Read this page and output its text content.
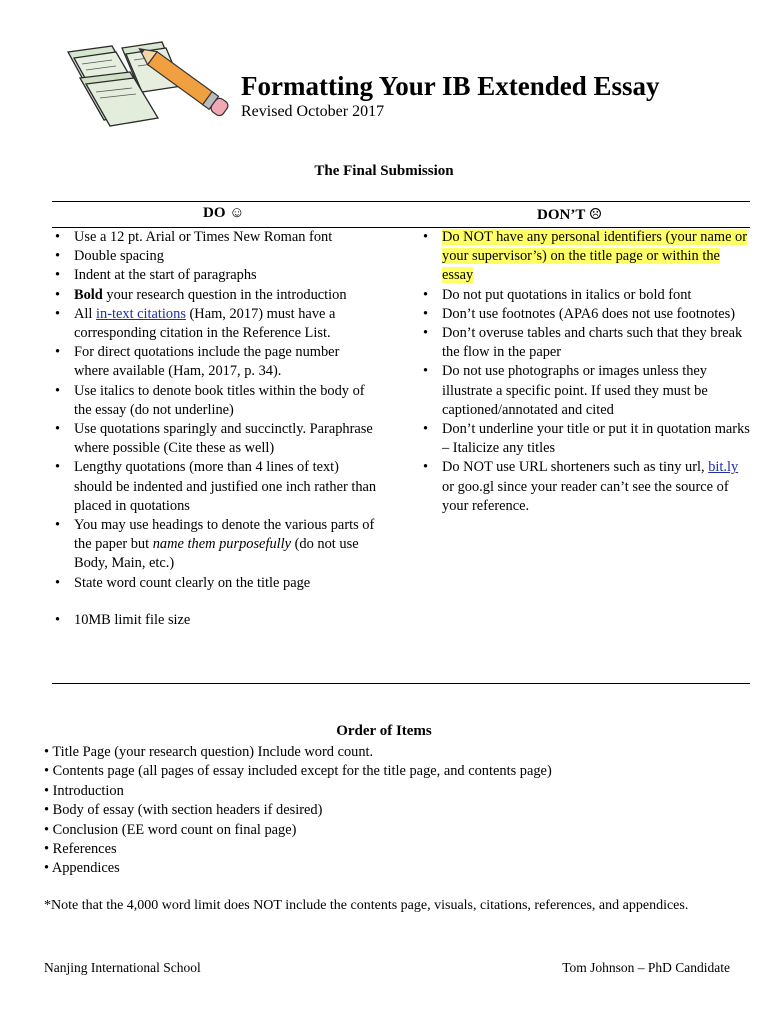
Formatting Your IB Extended Essay
Revised October 2017
The Final Submission
DO ☺	DON’T ☹
• Use a 12 pt. Arial or Times New Roman font
• Double spacing
• Indent at the start of paragraphs
• Bold your research question in the introduction
• All in-text citations (Ham, 2017) must have a corresponding citation in the Reference List.
• For direct quotations include the page number where available (Ham, 2017, p. 34).
• Use italics to denote book titles within the body of the essay (do not underline)
• Use quotations sparingly and succinctly. Paraphrase where possible (Cite these as well)
• Lengthy quotations (more than 4 lines of text) should be indented and justified one inch rather than placed in quotations
• You may use headings to denote the various parts of the paper but name them purposefully (do not use Body, Main, etc.)
• State word count clearly on the title page
• 10MB limit file size
• Do NOT have any personal identifiers (your name or your supervisor’s) on the title page or within the essay
• Do not put quotations in italics or bold font
• Don’t use footnotes (APA6 does not use footnotes)
• Don’t overuse tables and charts such that they break the flow in the paper
• Do not use photographs or images unless they illustrate a specific point. If used they must be captioned/annotated and cited
• Don’t underline your title or put it in quotation marks – Italicize any titles
• Do NOT use URL shorteners such as tiny url, bit.ly or goo.gl since your reader can’t see the source of your reference.
Order of Items
• Title Page (your research question) Include word count.
• Contents page (all pages of essay included except for the title page, and contents page)
• Introduction
• Body of essay (with section headers if desired)
• Conclusion (EE word count on final page)
• References
• Appendices
*Note that the 4,000 word limit does NOT include the contents page, visuals, citations, references, and appendices.
Nanjing International School	Tom Johnson – PhD Candidate
